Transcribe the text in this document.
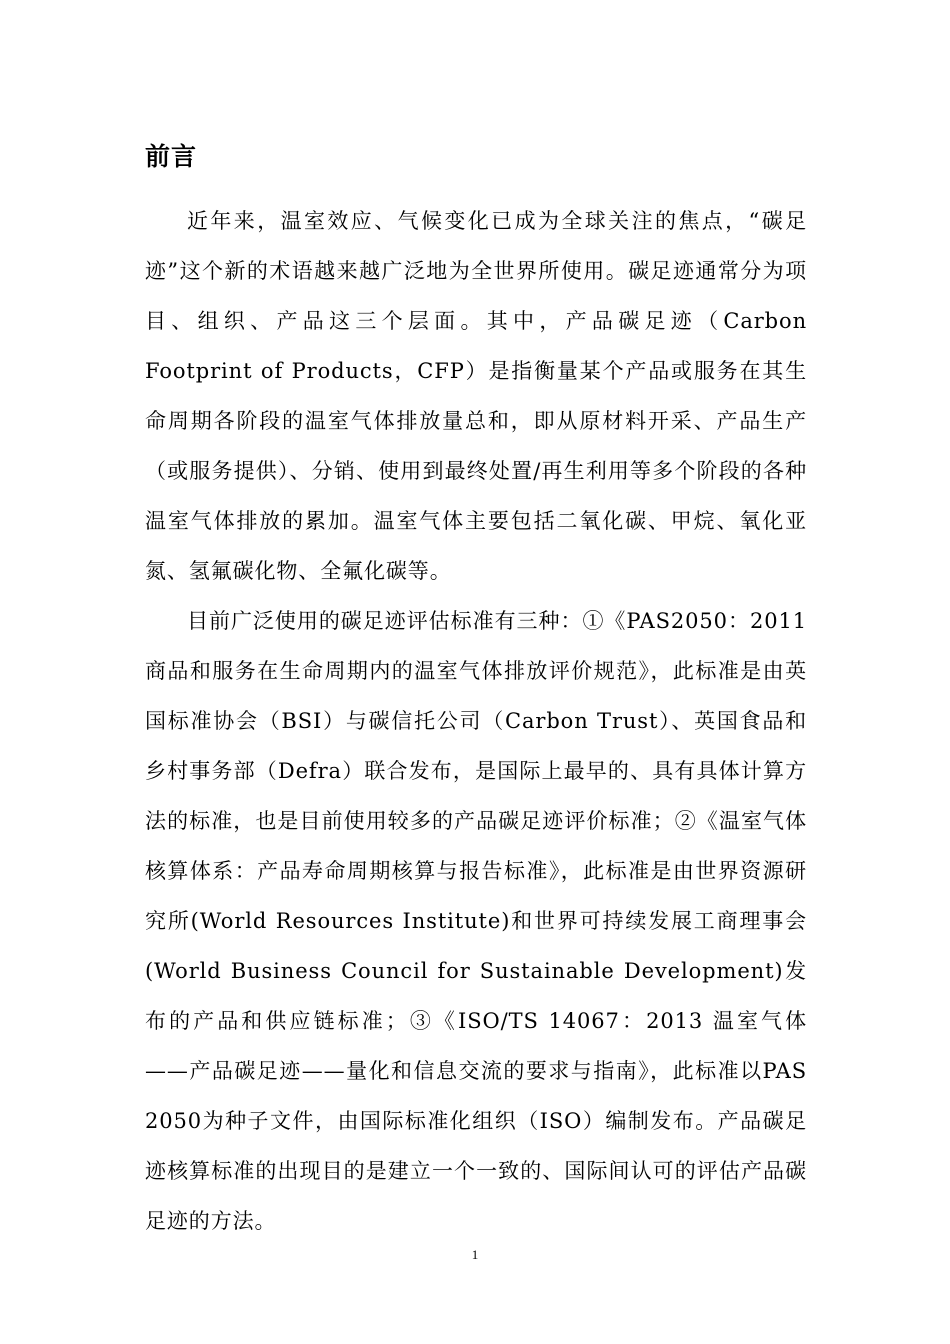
前言

近年来，温室效应、气候变化已成为全球关注的焦点，“碳足迹”这个新的术语越来越广泛地为全世界所使用。碳足迹通常分为项目、组织、产品这三个层面。其中，产品碳足迹（Carbon Footprint of Products，CFP）是指衡量某个产品或服务在其生命周期各阶段的温室气体排放量总和，即从原材料开采、产品生产（或服务提供）、分销、使用到最终处置/再生利用等多个阶段的各种温室气体排放的累加。温室气体主要包括二氧化碳、甲烷、氧化亚氮、氢氟碳化物、全氟化碳等。

目前广泛使用的碳足迹评估标准有三种：①《PAS2050：2011商品和服务在生命周期内的温室气体排放评价规范》，此标准是由英国标准协会（BSI）与碳信托公司（Carbon Trust）、英国食品和乡村事务部（Defra）联合发布，是国际上最早的、具有具体计算方法的标准，也是目前使用较多的产品碳足迹评价标准；②《温室气体核算体系：产品寿命周期核算与报告标准》，此标准是由世界资源研究所(World Resources Institute)和世界可持续发展工商理事会(World Business Council for Sustainable Development)发布的产品和供应链标准；③《ISO/TS 14067：2013 温室气体——产品碳足迹——量化和信息交流的要求与指南》，此标准以PAS 2050为种子文件，由国际标准化组织（ISO）编制发布。产品碳足迹核算标准的出现目的是建立一个一致的、国际间认可的评估产品碳足迹的方法。

1
